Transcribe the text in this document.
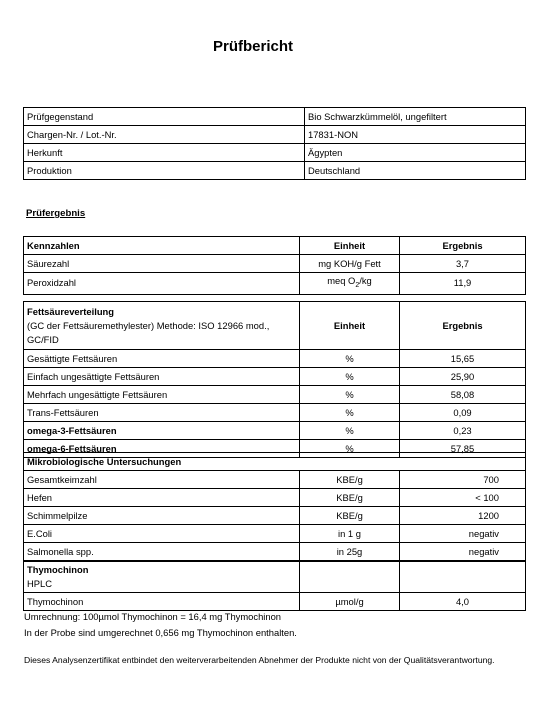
Prüfbericht
Prüfgegenstand	Bio Schwarzkümmelöl, ungefiltert
Chargen-Nr. / Lot.-Nr.	17831-NON
Herkunft	Ägypten
Produktion	Deutschland
Prüfergebnis
Kennzahlen	Einheit	Ergebnis
Säurezahl	mg KOH/g Fett	3,7
Peroxidzahl	meq $O_2/kg$	11,9
Fettsäureverteilung
(GC der Fettsäuremethylester) Methode: ISO 12966 mod., GC/FID	Einheit	Ergebnis
Gesättigte Fettsäuren	%	15,65
Einfach ungesättigte Fettsäuren	%	25,90
Mehrfach ungesättigte Fettsäuren	%	58,08
Trans-Fettsäuren	%	0,09
omega-3-Fettsäuren	%	0,23
omega-6-Fettsäuren	%	57,85
Mikrobiologische Untersuchungen		
Gesamtkeimzahl	KBE/g	700
Hefen	KBE/g	< 100
Schimmelpilze	KBE/g	1200
E.Coli	in 1 g	negativ
Salmonella spp.	in 25g	negativ
Thymochinon
HPLC		

Thymochinon	µmol/g	4,0
Umrechnung: 100µmol Thymochinon = 16,4 mg Thymochinon
In der Probe sind umgerechnet 0,656 mg Thymochinon enthalten.
Dieses Analysenzertifikat entbindet den weiterverarbeitenden Abnehmer der Produkte nicht von der Qualitätsverantwortung.
